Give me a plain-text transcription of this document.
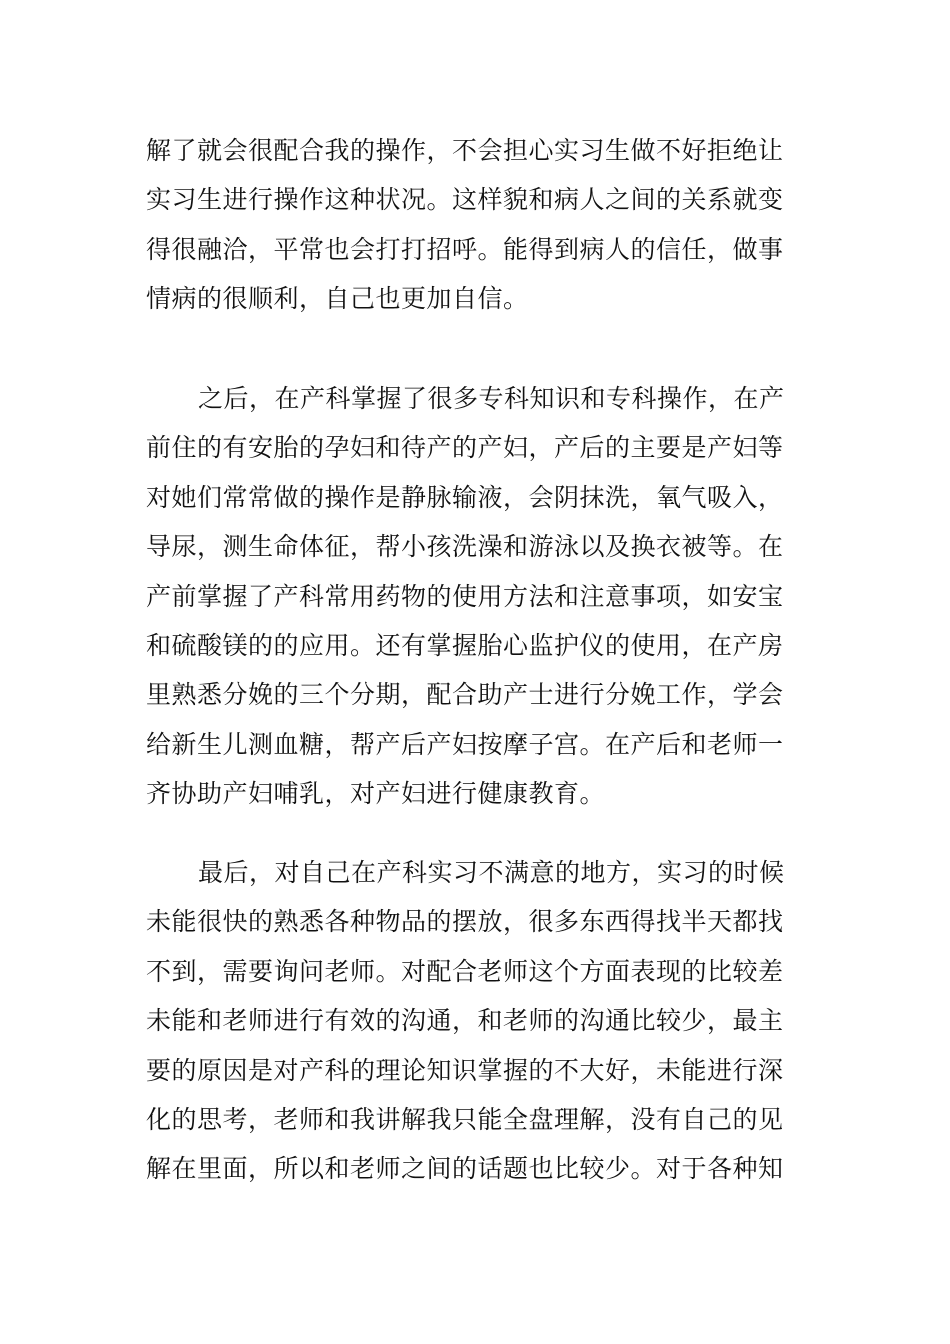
解了就会很配合我的操作，不会担心实习生做不好拒绝让
实习生进行操作这种状况。这样貌和病人之间的关系就变
得很融洽，平常也会打打招呼。能得到病人的信任，做事
情病的很顺利，自己也更加自信。
之后，在产科掌握了很多专科知识和专科操作，在产
前住的有安胎的孕妇和待产的产妇，产后的主要是产妇等
对她们常常做的操作是静脉输液，会阴抹洗，氧气吸入，
导尿，测生命体征，帮小孩洗澡和游泳以及换衣被等。在
产前掌握了产科常用药物的使用方法和注意事项，如安宝
和硫酸镁的的应用。还有掌握胎心监护仪的使用，在产房
里熟悉分娩的三个分期，配合助产士进行分娩工作，学会
给新生儿测血糖，帮产后产妇按摩子宫。在产后和老师一
齐协助产妇哺乳，对产妇进行健康教育。
最后，对自己在产科实习不满意的地方，实习的时候
未能很快的熟悉各种物品的摆放，很多东西得找半天都找
不到，需要询问老师。对配合老师这个方面表现的比较差
未能和老师进行有效的沟通，和老师的沟通比较少，最主
要的原因是对产科的理论知识掌握的不大好，未能进行深
化的思考，老师和我讲解我只能全盘理解，没有自己的见
解在里面，所以和老师之间的话题也比较少。对于各种知
